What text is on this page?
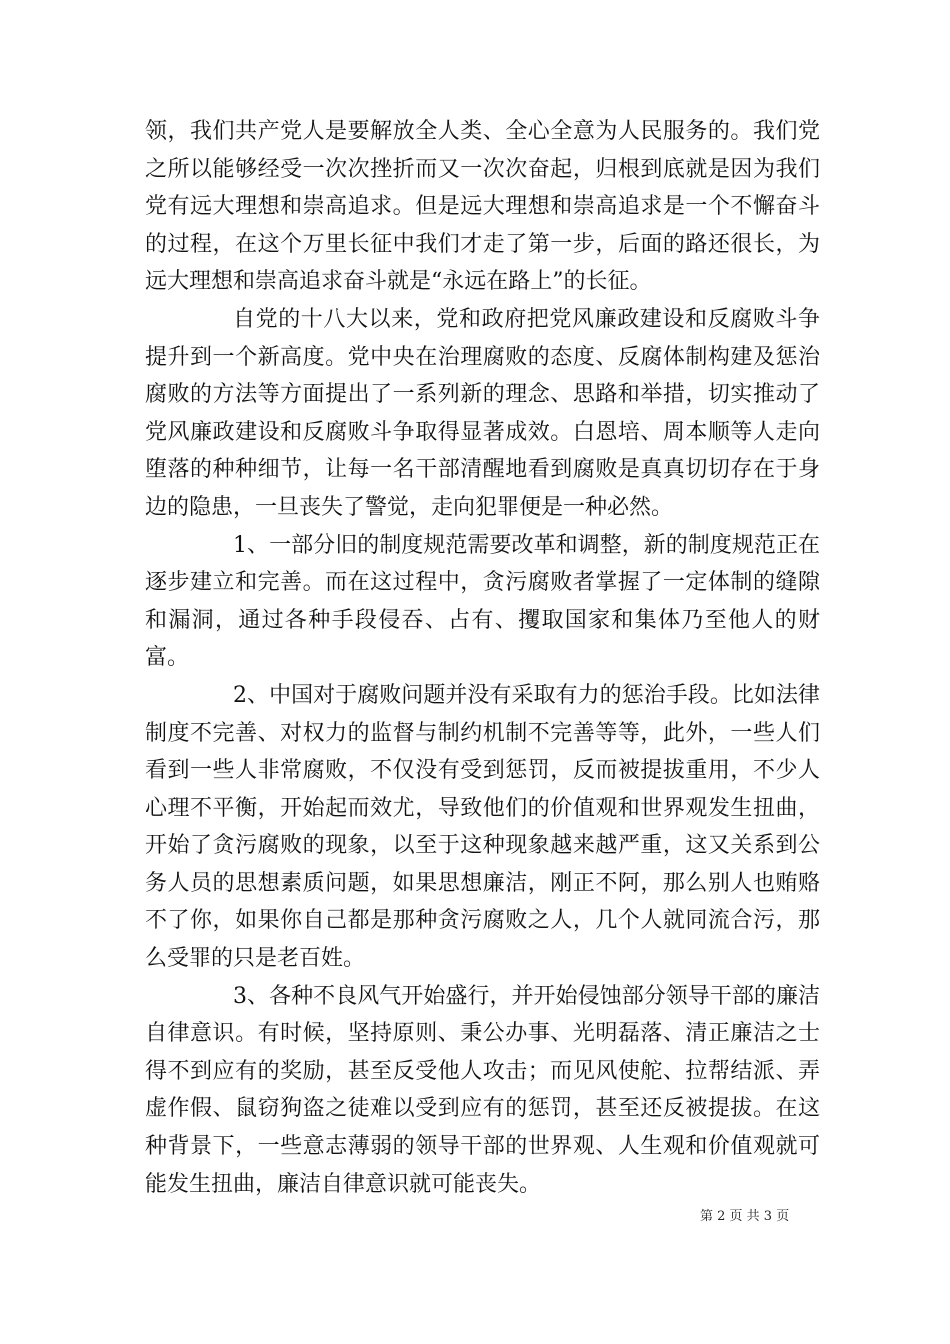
领，我们共产党人是要解放全人类、全心全意为人民服务的。我们党之所以能够经受一次次挫折而又一次次奋起，归根到底就是因为我们党有远大理想和崇高追求。但是远大理想和崇高追求是一个不懈奋斗的过程，在这个万里长征中我们才走了第一步，后面的路还很长，为远大理想和崇高追求奋斗就是“永远在路上”的长征。

自党的十八大以来，党和政府把党风廉政建设和反腐败斗争提升到一个新高度。党中央在治理腐败的态度、反腐体制构建及惩治腐败的方法等方面提出了一系列新的理念、思路和举措，切实推动了党风廉政建设和反腐败斗争取得显著成效。白恩培、周本顺等人走向堕落的种种细节，让每一名干部清醒地看到腐败是真真切切存在于身边的隐患，一旦丧失了警觉，走向犯罪便是一种必然。

1、一部分旧的制度规范需要改革和调整，新的制度规范正在逐步建立和完善。而在这过程中，贪污腐败者掌握了一定体制的缝隙和漏洞，通过各种手段侵吞、占有、攫取国家和集体乃至他人的财富。

2、中国对于腐败问题并没有采取有力的惩治手段。比如法律制度不完善、对权力的监督与制约机制不完善等等，此外，一些人们看到一些人非常腐败，不仅没有受到惩罚，反而被提拔重用，不少人心理不平衡，开始起而效尤，导致他们的价值观和世界观发生扭曲，开始了贪污腐败的现象，以至于这种现象越来越严重，这又关系到公务人员的思想素质问题，如果思想廉洁，刚正不阿，那么别人也贿赂不了你，如果你自己都是那种贪污腐败之人，几个人就同流合污，那么受罪的只是老百姓。

3、各种不良风气开始盛行，并开始侵蚀部分领导干部的廉洁自律意识。有时候，坚持原则、秉公办事、光明磊落、清正廉洁之士得不到应有的奖励，甚至反受他人攻击；而见风使舵、拉帮结派、弄虚作假、鼠窃狗盗之徒难以受到应有的惩罚，甚至还反被提拔。在这种背景下，一些意志薄弱的领导干部的世界观、人生观和价值观就可能发生扭曲，廉洁自律意识就可能丧失。

第 2 页 共 3 页
